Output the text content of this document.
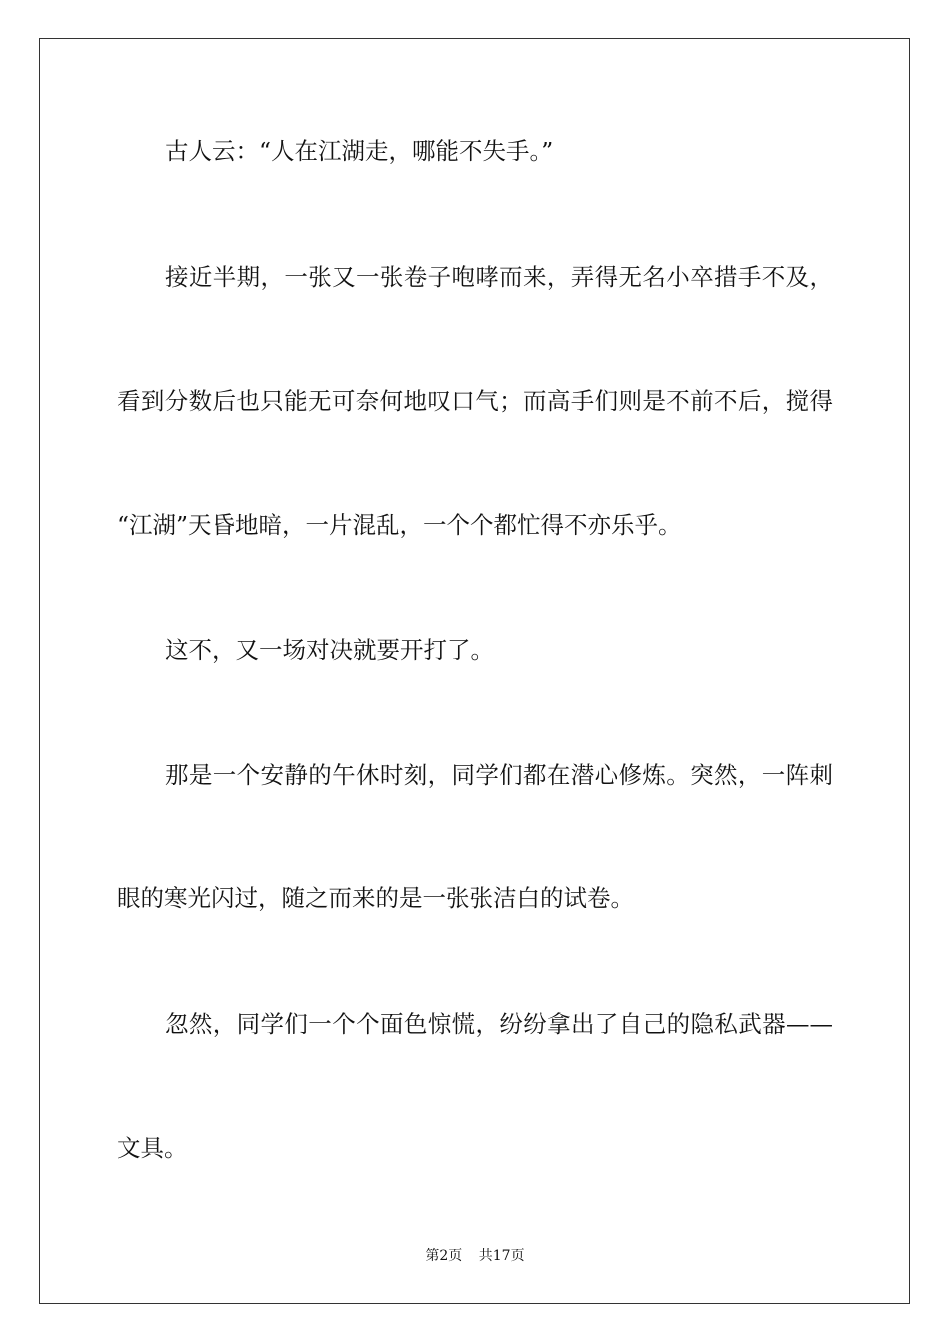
古人云：“人在江湖走，哪能不失手。”

接近半期，一张又一张卷子咆哮而来，弄得无名小卒措手不及，

看到分数后也只能无可奈何地叹口气；而高手们则是不前不后，搅得

“江湖”天昏地暗，一片混乱，一个个都忙得不亦乐乎。

这不，又一场对决就要开打了。

那是一个安静的午休时刻，同学们都在潜心修炼。突然，一阵刺

眼的寒光闪过，随之而来的是一张张洁白的试卷。

忽然，同学们一个个面色惊慌，纷纷拿出了自己的隐私武器——

文具。

第2页 共17页
